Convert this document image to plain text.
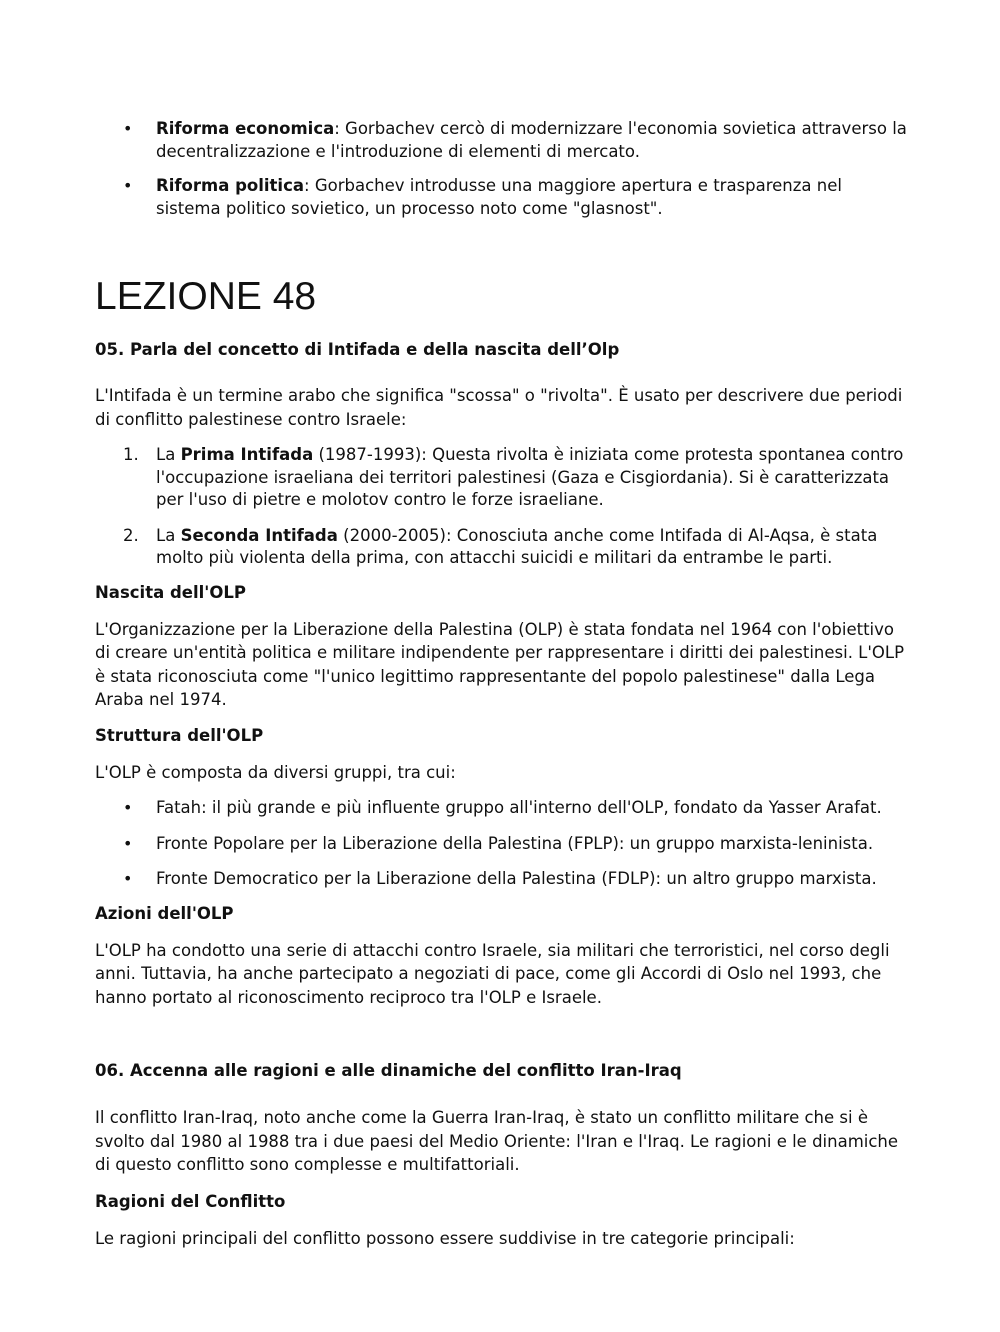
• Riforma economica: Gorbachev cercò di modernizzare l'economia sovietica attraverso la decentralizzazione e l'introduzione di elementi di mercato.
• Riforma politica: Gorbachev introdusse una maggiore apertura e trasparenza nel sistema politico sovietico, un processo noto come "glasnost".
LEZIONE 48

05. Parla del concetto di Intifada e della nascita dell’Olp

L'Intifada è un termine arabo che significa "scossa" o "rivolta". È usato per descrivere due periodi di conflitto palestinese contro Israele:

1. La Prima Intifada (1987-1993): Questa rivolta è iniziata come protesta spontanea contro l'occupazione israeliana dei territori palestinesi (Gaza e Cisgiordania). Si è caratterizzata per l'uso di pietre e molotov contro le forze israeliane.
2. La Seconda Intifada (2000-2005): Conosciuta anche come Intifada di Al-Aqsa, è stata molto più violenta della prima, con attacchi suicidi e militari da entrambe le parti.

Nascita dell'OLP

L'Organizzazione per la Liberazione della Palestina (OLP) è stata fondata nel 1964 con l'obiettivo di creare un'entità politica e militare indipendente per rappresentare i diritti dei palestinesi. L'OLP è stata riconosciuta come "l'unico legittimo rappresentante del popolo palestinese" dalla Lega Araba nel 1974.

Struttura dell'OLP

L'OLP è composta da diversi gruppi, tra cui:

• Fatah: il più grande e più influente gruppo all'interno dell'OLP, fondato da Yasser Arafat.
• Fronte Popolare per la Liberazione della Palestina (FPLP): un gruppo marxista-leninista.
• Fronte Democratico per la Liberazione della Palestina (FDLP): un altro gruppo marxista.

Azioni dell'OLP

L'OLP ha condotto una serie di attacchi contro Israele, sia militari che terroristici, nel corso degli anni. Tuttavia, ha anche partecipato a negoziati di pace, come gli Accordi di Oslo nel 1993, che hanno portato al riconoscimento reciproco tra l'OLP e Israele.

06. Accenna alle ragioni e alle dinamiche del conflitto Iran-Iraq

Il conflitto Iran-Iraq, noto anche come la Guerra Iran-Iraq, è stato un conflitto militare che si è svolto dal 1980 al 1988 tra i due paesi del Medio Oriente: l'Iran e l'Iraq. Le ragioni e le dinamiche di questo conflitto sono complesse e multifattoriali.

Ragioni del Conflitto

Le ragioni principali del conflitto possono essere suddivise in tre categorie principali:
